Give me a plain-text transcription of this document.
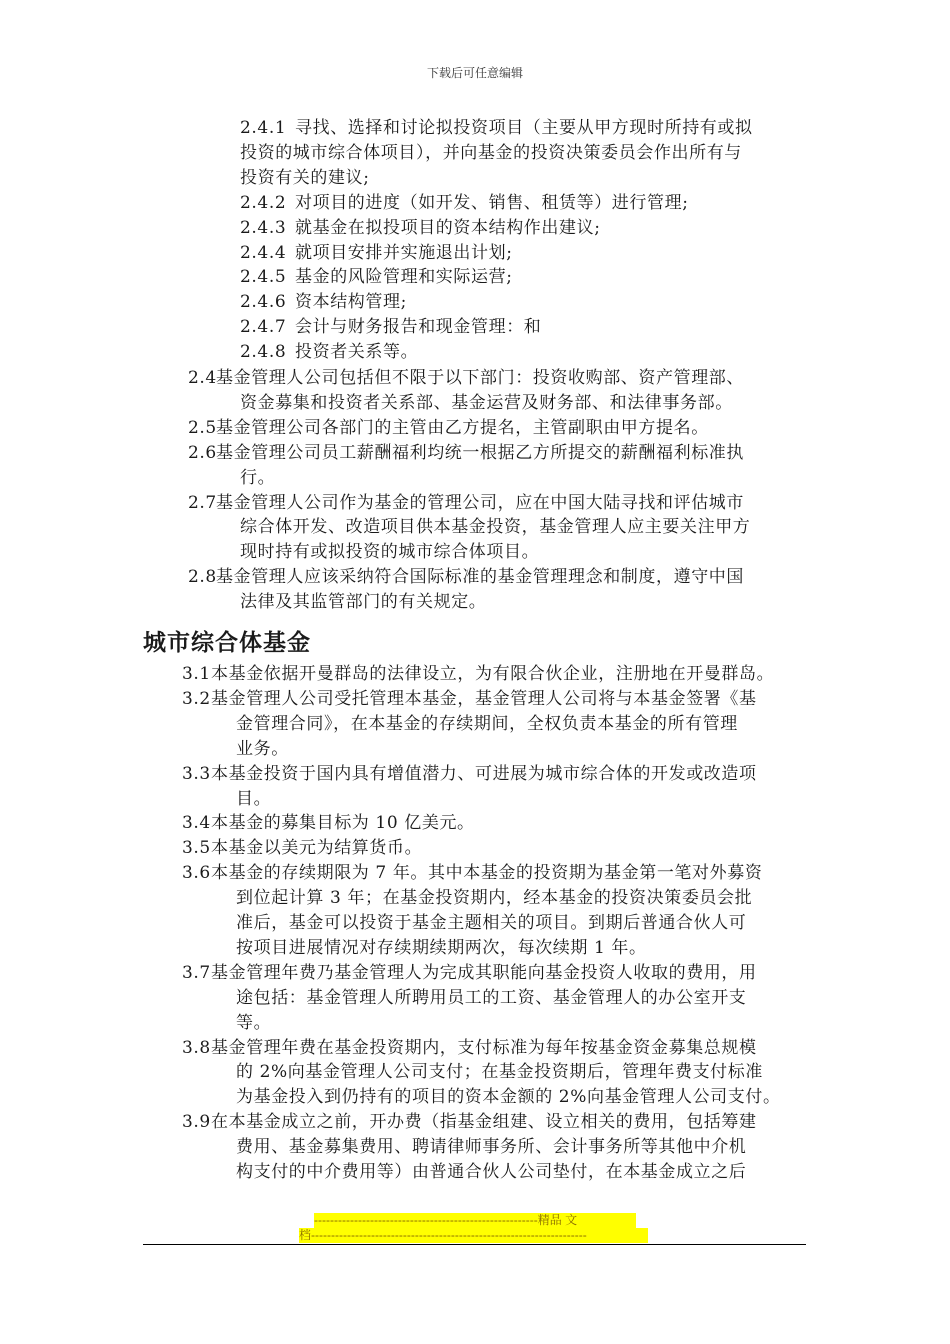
下载后可任意编辑
2.4.1 寻找、选择和讨论拟投资项目（主要从甲方现时所持有或拟
投资的城市综合体项目），并向基金的投资决策委员会作出所有与
投资有关的建议;
2.4.2 对项目的进度（如开发、销售、租赁等）进行管理;
2.4.3 就基金在拟投项目的资本结构作出建议;
2.4.4 就项目安排并实施退出计划;
2.4.5 基金的风险管理和实际运营;
2.4.6 资本结构管理;
2.4.7 会计与财务报告和现金管理：和
2.4.8 投资者关系等。
2.4 基金管理人公司包括但不限于以下部门：投资收购部、资产管理部、
资金募集和投资者关系部、基金运营及财务部、和法律事务部。
2.5 基金管理公司各部门的主管由乙方提名，主管副职由甲方提名。
2.6 基金管理公司员工薪酬福利均统一根据乙方所提交的薪酬福利标准执
行。
2.7 基金管理人公司作为基金的管理公司，应在中国大陆寻找和评估城市
综合体开发、改造项目供本基金投资，基金管理人应主要关注甲方
现时持有或拟投资的城市综合体项目。
2.8 基金管理人应该采纳符合国际标准的基金管理理念和制度，遵守中国
法律及其监管部门的有关规定。
3.1 本基金依据开曼群岛的法律设立，为有限合伙企业，注册地在开曼群岛。
3.2 基金管理人公司受托管理本基金，基金管理人公司将与本基金签署《基
金管理合同》，在本基金的存续期间，全权负责本基金的所有管理
业务。
3.3 本基金投资于国内具有增值潜力、可进展为城市综合体的开发或改造项
目。
3.4 本基金的募集目标为 10 亿美元。
3.5 本基金以美元为结算货币。
3.6 本基金的存续期限为 7 年。其中本基金的投资期为基金第一笔对外募资
到位起计算 3 年；在基金投资期内，经本基金的投资决策委员会批
准后，基金可以投资于基金主题相关的项目。到期后普通合伙人可
按项目进展情况对存续期续期两次，每次续期 1 年。
3.7 基金管理年费乃基金管理人为完成其职能向基金投资人收取的费用，用
途包括：基金管理人所聘用员工的工资、基金管理人的办公室开支
等。
3.8 基金管理年费在基金投资期内，支付标准为每年按基金资金募集总规模
的 2%向基金管理人公司支付；在基金投资期后，管理年费支付标准
为基金投入到仍持有的项目的资本金额的 2%向基金管理人公司支付。
3.9 在本基金成立之前，开办费（指基金组建、设立相关的费用，包括筹建
费用、基金募集费用、聘请律师事务所、会计事务所等其他中介机
构支付的中介费用等）由普通合伙人公司垫付，在本基金成立之后
城市综合体基金
--------------------------------------------------------精品 文
档---------------------------------------------------------------------
